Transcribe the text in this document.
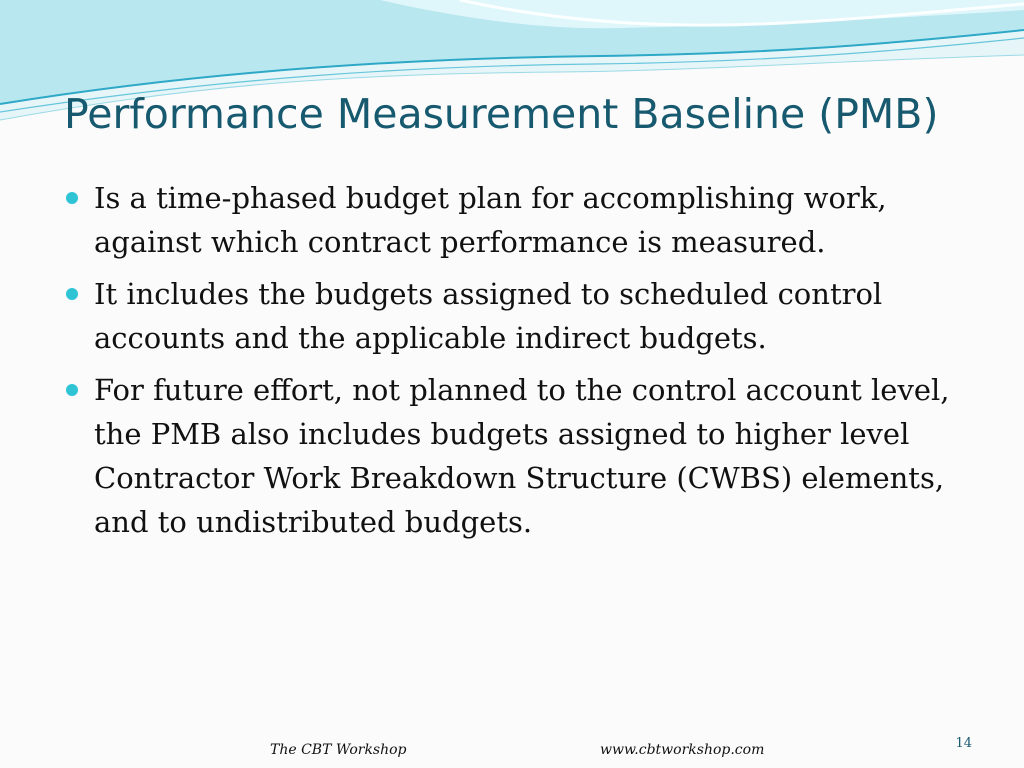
Performance Measurement Baseline (PMB)
Is a time-phased budget plan for accomplishing work, against which contract performance is measured.
It includes the budgets assigned to scheduled control accounts and the applicable indirect budgets.
For future effort, not planned to the control account level, the PMB also includes budgets assigned to higher level Contractor Work Breakdown Structure (CWBS) elements, and to undistributed budgets.
The CBT Workshop	www.cbtworkshop.com	14
